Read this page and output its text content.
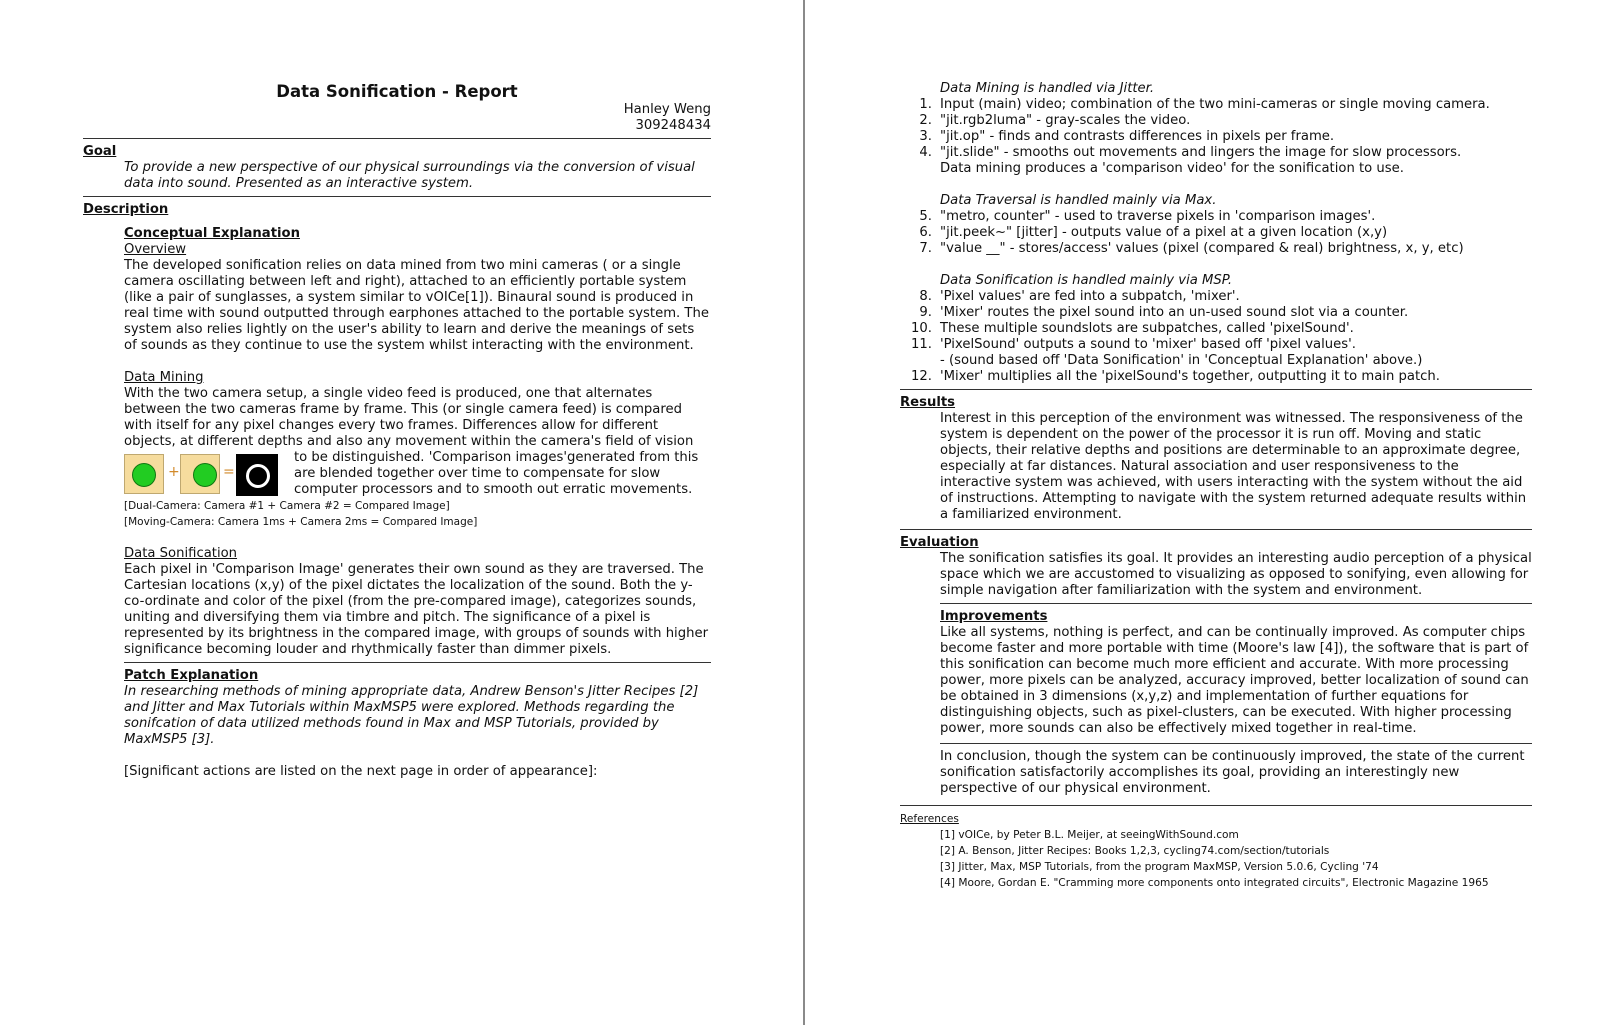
Data Sonification - Report
Hanley Weng
309248434
Goal

To provide a new perspective of our physical surroundings via the conversion of visual data into sound. Presented as an interactive system.

Description
Conceptual Explanation
Overview

The developed sonification relies on data mined from two mini cameras ( or a single camera oscillating between left and right), attached to an efficiently portable system (like a pair of sunglasses, a system similar to vOICe[1]). Binaural sound is produced in real time with sound outputted through earphones attached to the portable system. The system also relies lightly on the user's ability to learn and derive the meanings of sets of sounds as they continue to use the system whilst interacting with the environment.

Data Mining

With the two camera setup, a single video feed is produced, one that alternates between the two cameras frame by frame. This (or single camera feed) is compared with itself for any pixel changes every two frames. Differences allow for different objects, at different depths and also any movement within the camera's field of vision

+	=

to be distinguished. 'Comparison images'generated from this are blended together over time to compensate for slow computer processors and to smooth out erratic movements.

[Dual-Camera: Camera #1 + Camera #2 = Compared Image]
[Moving-Camera: Camera 1ms + Camera 2ms = Compared Image]
Data Sonification

Each pixel in 'Comparison Image' generates their own sound as they are traversed. The Cartesian locations (x,y) of the pixel dictates the localization of the sound. Both the y-co-ordinate and color of the pixel (from the pre-compared image), categorizes sounds, uniting and diversifying them via timbre and pitch. The significance of a pixel is represented by its brightness in the compared image, with groups of sounds with higher significance becoming louder and rhythmically faster than dimmer pixels.

Patch Explanation

In researching methods of mining appropriate data, Andrew Benson's Jitter Recipes [2] and Jitter and Max Tutorials within MaxMSP5 were explored. Methods regarding the sonifcation of data utilized methods found in Max and MSP Tutorials, provided by MaxMSP5 [3].

[Significant actions are listed on the next page in order of appearance]:

Data Mining is handled via Jitter.

1. Input (main) video; combination of the two mini-cameras or single moving camera.
2. "jit.rgb2luma" - gray-scales the video.
3. "jit.op" - finds and contrasts differences in pixels per frame.
4. "jit.slide" - smooths out movements and lingers the image for slow processors.

Data mining produces a 'comparison video' for the sonification to use.

Data Traversal is handled mainly via Max.

5. "metro, counter" - used to traverse pixels in 'comparison images'.
6. "jit.peek~" [jitter] - outputs value of a pixel at a given location (x,y)
7. "value __" - stores/access' values (pixel (compared & real) brightness, x, y, etc)

Data Sonification is handled mainly via MSP.

8. 'Pixel values' are fed into a subpatch, 'mixer'.
9. 'Mixer' routes the pixel sound into an un-used sound slot via a counter.
10. These multiple soundslots are subpatches, called 'pixelSound'.
11. 'PixelSound' outputs a sound to 'mixer' based off 'pixel values'.
- (sound based off 'Data Sonification' in 'Conceptual Explanation' above.)
12. 'Mixer' multiplies all the 'pixelSound's together, outputting it to main patch.
Results

Interest in this perception of the environment was witnessed. The responsiveness of the system is dependent on the power of the processor it is run off. Moving and static objects, their relative depths and positions are determinable to an approximate degree, especially at far distances. Natural association and user responsiveness to the interactive system was achieved, with users interacting with the system without the aid of instructions. Attempting to navigate with the system returned adequate results within a familiarized environment.

Evaluation

The sonification satisfies its goal. It provides an interesting audio perception of a physical space which we are accustomed to visualizing as opposed to sonifying, even allowing for simple navigation after familiarization with the system and environment.

Improvements

Like all systems, nothing is perfect, and can be continually improved. As computer chips become faster and more portable with time (Moore's law [4]), the software that is part of this sonification can become much more efficient and accurate. With more processing power, more pixels can be analyzed, accuracy improved, better localization of sound can be obtained in 3 dimensions (x,y,z) and implementation of further equations for distinguishing objects, such as pixel-clusters, can be executed. With higher processing power, more sounds can also be effectively mixed together in real-time.

In conclusion, though the system can be continuously improved, the state of the current sonification satisfactorily accomplishes its goal, providing an interestingly new perspective of our physical environment.

References
[1] vOICe, by Peter B.L. Meijer, at seeingWithSound.com
[2] A. Benson, Jitter Recipes: Books 1,2,3, cycling74.com/section/tutorials
[3] Jitter, Max, MSP Tutorials, from the program MaxMSP, Version 5.0.6, Cycling '74
[4] Moore, Gordan E. "Cramming more components onto integrated circuits", Electronic Magazine 1965
